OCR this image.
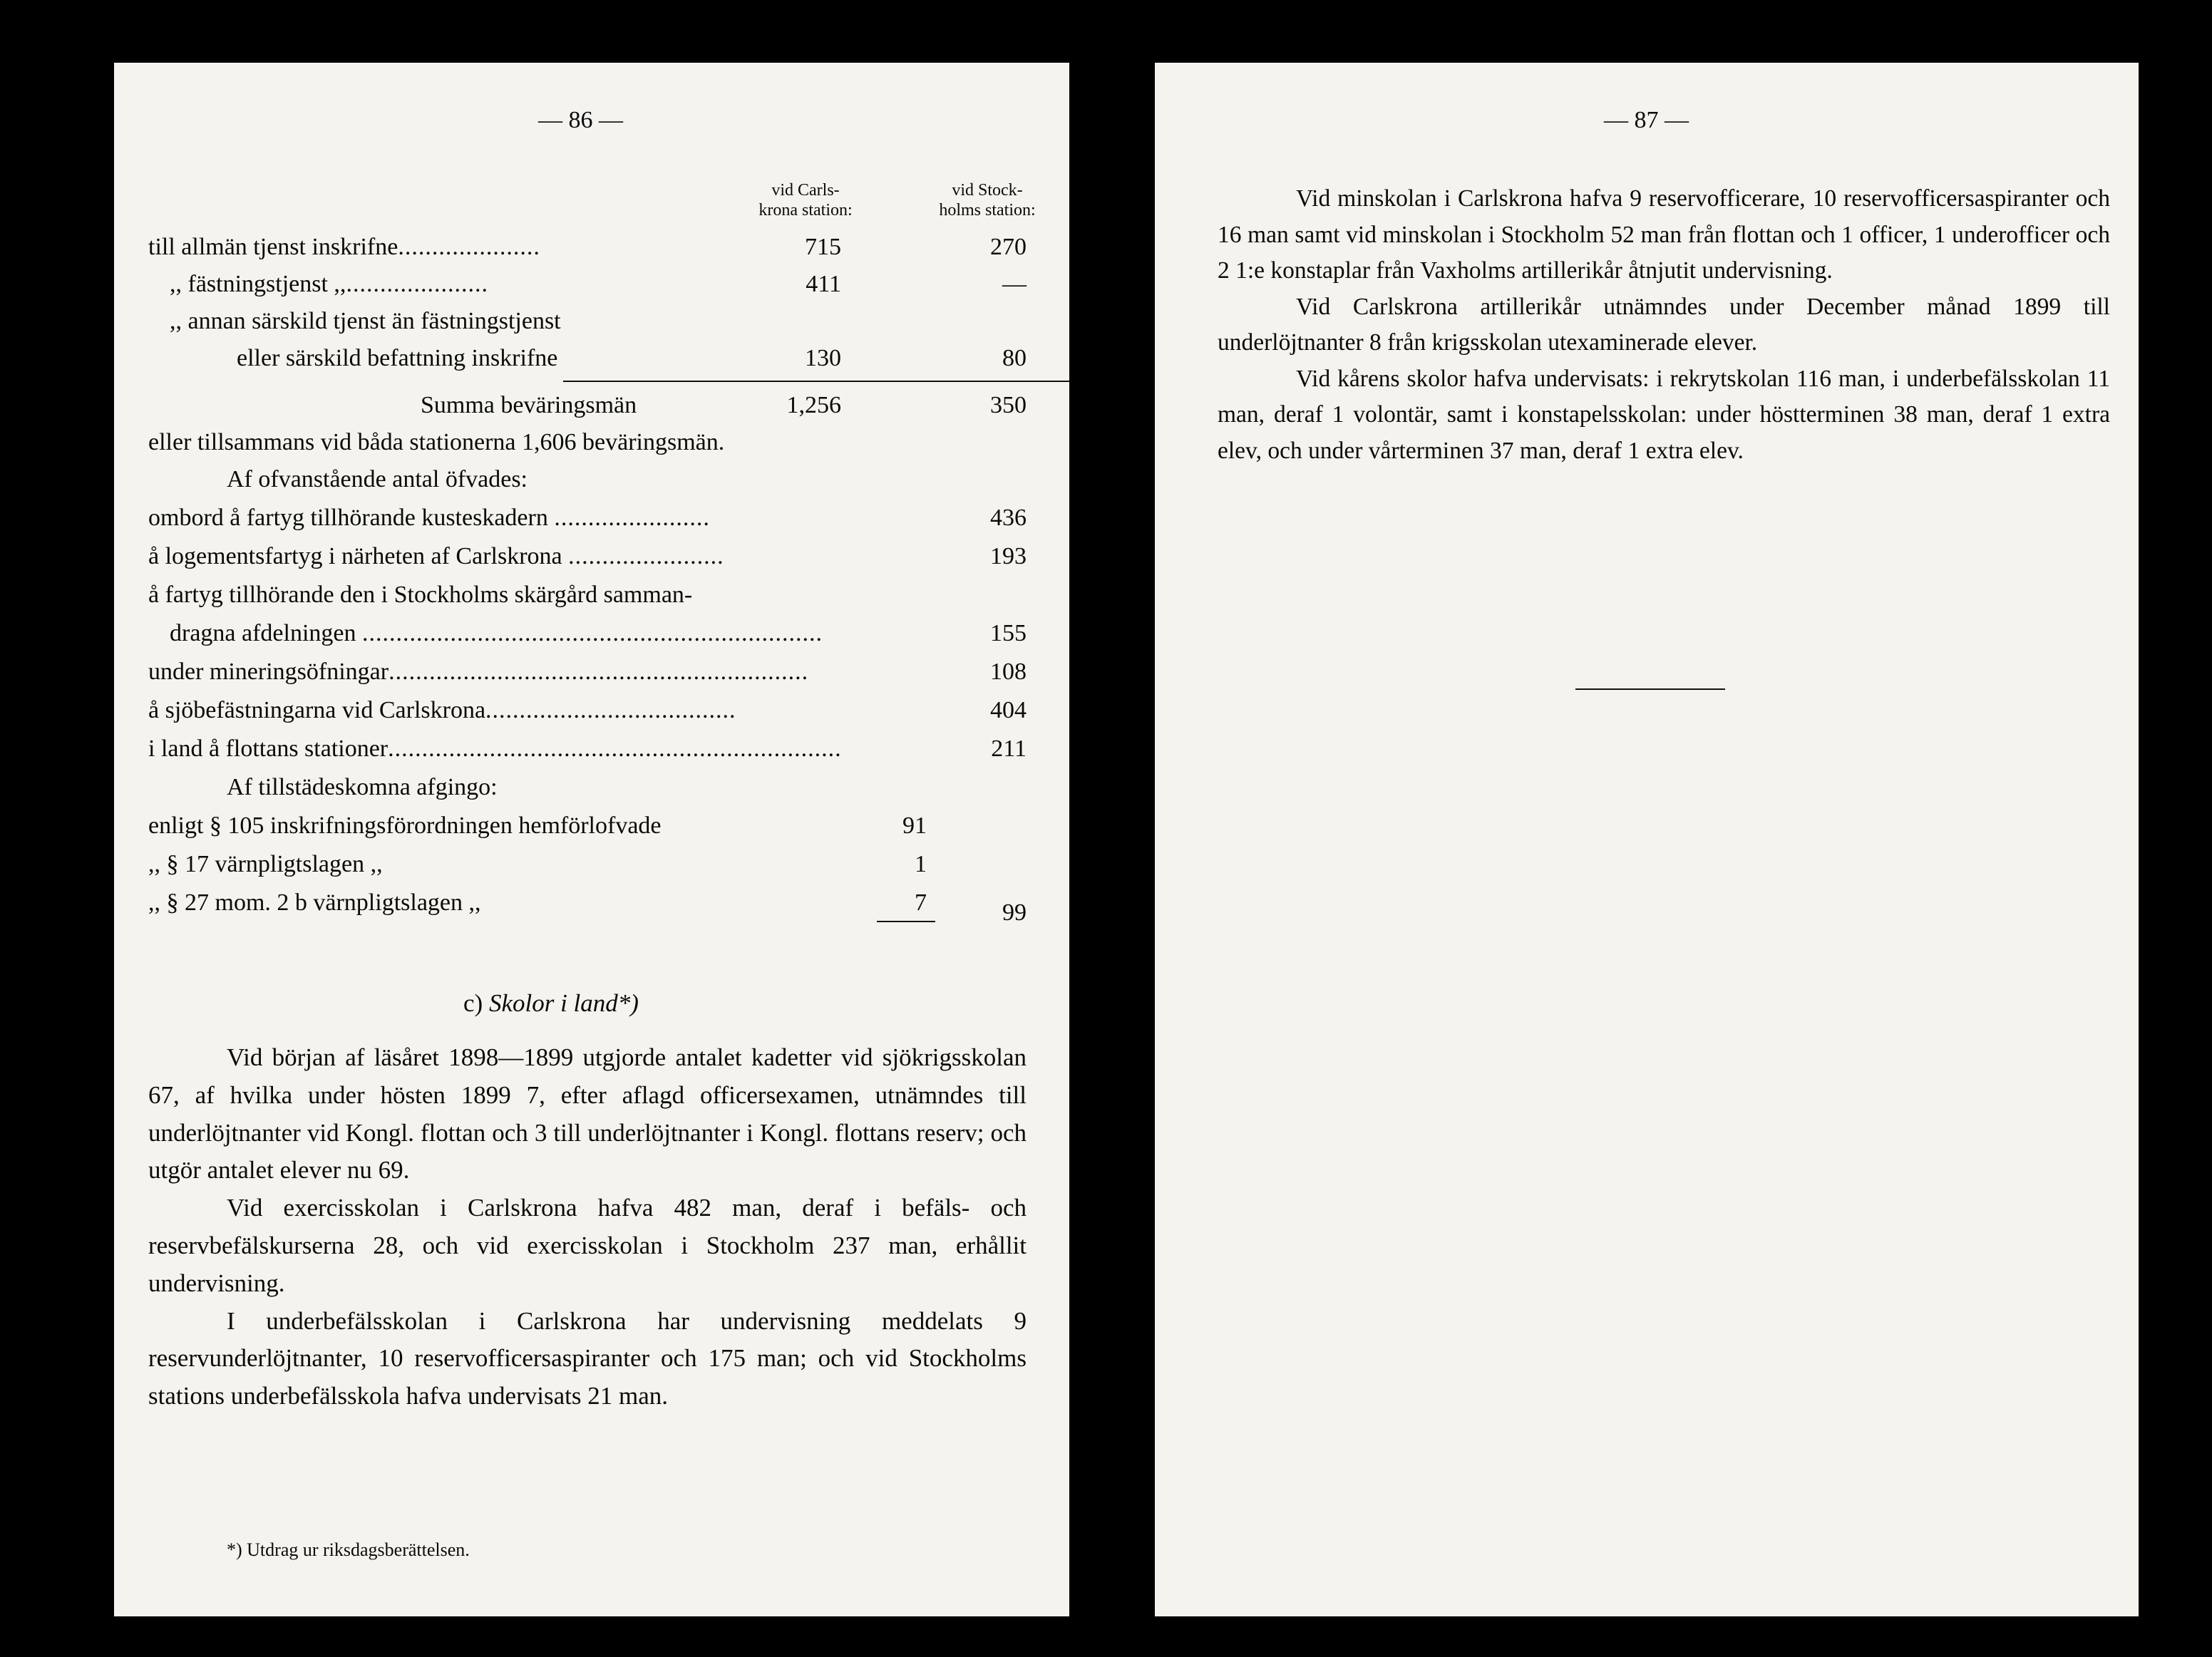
— 86 —
vid Carls-
krona station:
vid Stock-
holms station:
till allmän tjenst inskrifne.....................	715	270
,, fästningstjenst ,,.....................	411	—
,, annan särskild tjenst än fästningstjenst
eller särskild befattning inskrifne	130	80
Summa beväringsmän	1,256	350
eller tillsammans vid båda stationerna 1,606 beväringsmän.
Af ofvanstående antal öfvades:
ombord å fartyg tillhörande kusteskadern .......................	436
å logementsfartyg i närheten af Carlskrona .......................	193
å fartyg tillhörande den i Stockholms skärgård samman-
dragna afdelningen ....................................................................	155
under mineringsöfningar..............................................................	108
å sjöbefästningarna vid Carlskrona.....................................	404
i land å flottans stationer...................................................................	211
Af tillstädeskomna afgingo:
enligt § 105 inskrifningsförordningen hemförlofvade	91
,, § 17 värnpligtslagen ,,	1
,, § 27 mom. 2 b värnpligtslagen ,,	7	99
c) Skolor i land*)

Vid början af läsåret 1898—1899 utgjorde antalet kadetter vid sjökrigsskolan 67, af hvilka under hösten 1899 7, efter aflagd officersexamen, utnämndes till underlöjtnanter vid Kongl. flottan och 3 till underlöjtnanter i Kongl. flottans reserv; och utgör antalet elever nu 69.

Vid exercisskolan i Carlskrona hafva 482 man, deraf i befäls- och reservbefälskurserna 28, och vid exercisskolan i Stockholm 237 man, erhållit undervisning.

I underbefälsskolan i Carlskrona har undervisning meddelats 9 reservunderlöjtnanter, 10 reservofficersaspiranter och 175 man; och vid Stockholms stations underbefälsskola hafva undervisats 21 man.

*) Utdrag ur riksdagsberättelsen.
— 87 —

Vid minskolan i Carlskrona hafva 9 reservofficerare, 10 reservofficersaspiranter och 16 man samt vid minskolan i Stockholm 52 man från flottan och 1 officer, 1 underofficer och 2 1:e konstaplar från Vaxholms artillerikår åtnjutit undervisning.

Vid Carlskrona artillerikår utnämndes under December månad 1899 till underlöjtnanter 8 från krigsskolan utexaminerade elever.

Vid kårens skolor hafva undervisats: i rekrytskolan 116 man, i underbefälsskolan 11 man, deraf 1 volontär, samt i konstapelsskolan: under höstterminen 38 man, deraf 1 extra elev, och under vårterminen 37 man, deraf 1 extra elev.
